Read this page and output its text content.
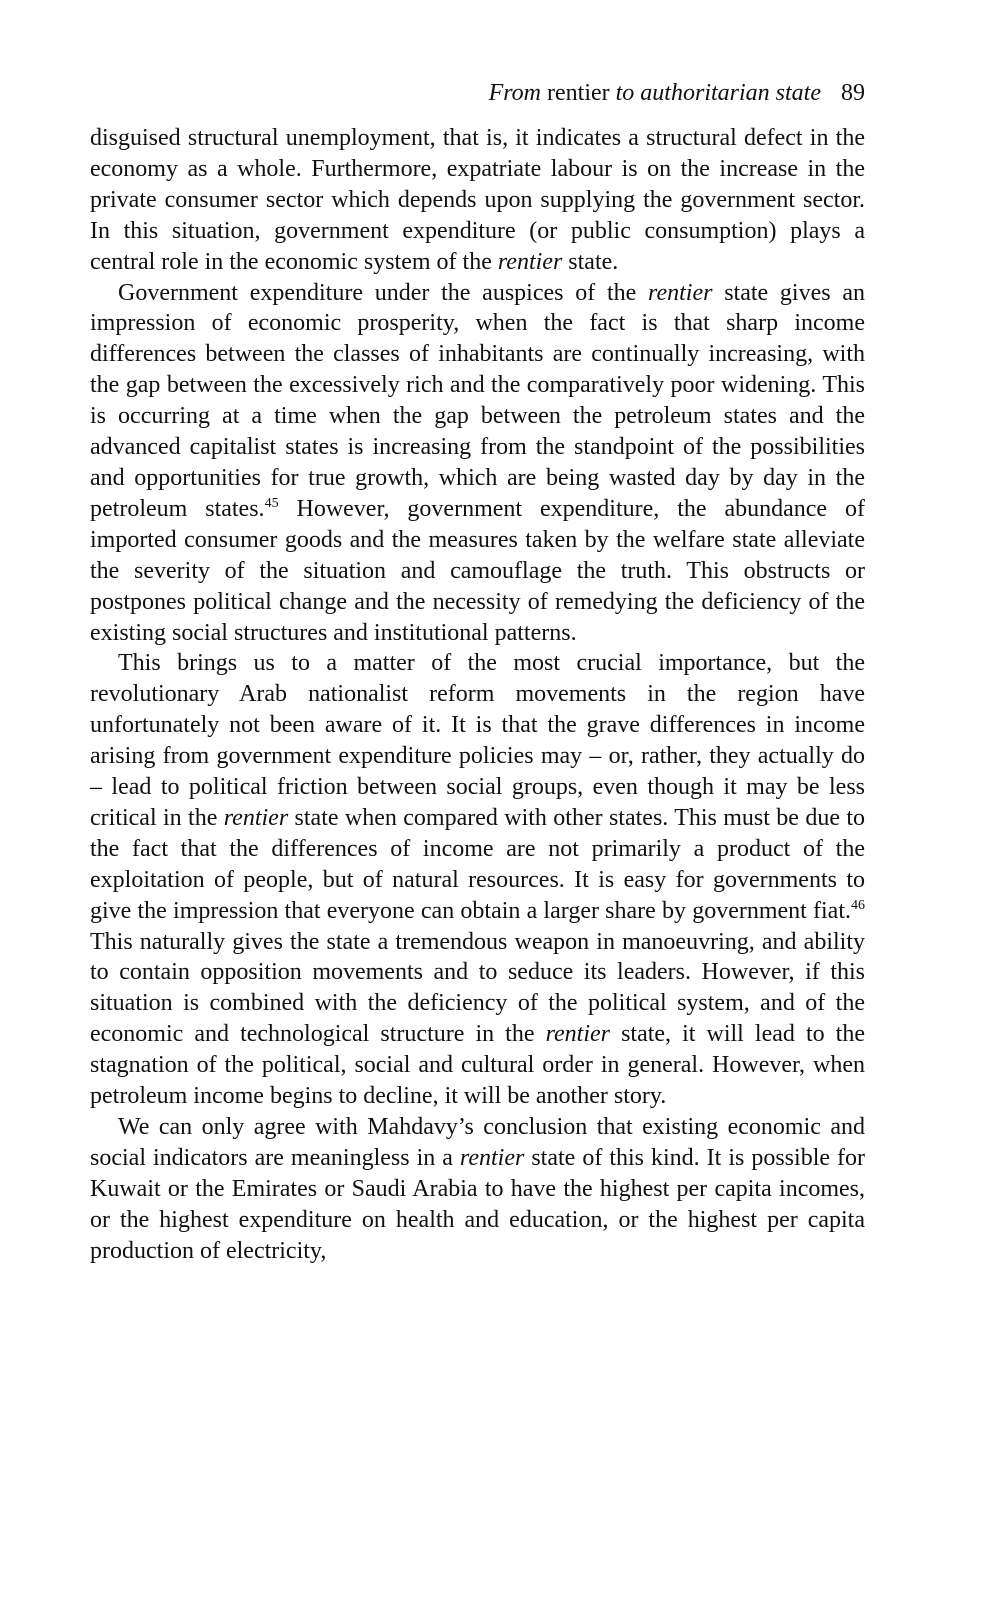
From rentier to authoritarian state 89

disguised structural unemployment, that is, it indicates a structural defect in the economy as a whole. Furthermore, expatriate labour is on the increase in the private consumer sector which depends upon supplying the government sector. In this situation, government expenditure (or public consumption) plays a central role in the economic system of the rentier state.

Government expenditure under the auspices of the rentier state gives an impression of economic prosperity, when the fact is that sharp income differences between the classes of inhabitants are continually increasing, with the gap between the excessively rich and the comparatively poor widening. This is occurring at a time when the gap between the petroleum states and the advanced capitalist states is increasing from the standpoint of the possibilities and opportunities for true growth, which are being wasted day by day in the petroleum states.$^{45}$ However, government expenditure, the abundance of imported consumer goods and the measures taken by the welfare state alleviate the severity of the situation and camouflage the truth. This obstructs or postpones political change and the necessity of remedying the deficiency of the existing social structures and institutional patterns.

This brings us to a matter of the most crucial importance, but the revolutionary Arab nationalist reform movements in the region have unfortunately not been aware of it. It is that the grave differences in income arising from government expenditure policies may – or, rather, they actually do – lead to political friction between social groups, even though it may be less critical in the rentier state when compared with other states. This must be due to the fact that the differences of income are not primarily a product of the exploitation of people, but of natural resources. It is easy for governments to give the impression that everyone can obtain a larger share by government fiat.$^{46}$ This naturally gives the state a tremendous weapon in manoeuvring, and ability to contain opposition movements and to seduce its leaders. However, if this situation is combined with the deficiency of the political system, and of the economic and technological structure in the rentier state, it will lead to the stagnation of the political, social and cultural order in general. However, when petroleum income begins to decline, it will be another story.

We can only agree with Mahdavy’s conclusion that existing economic and social indicators are meaningless in a rentier state of this kind. It is possible for Kuwait or the Emirates or Saudi Arabia to have the highest per capita incomes, or the highest expenditure on health and education, or the highest per capita production of electricity,
